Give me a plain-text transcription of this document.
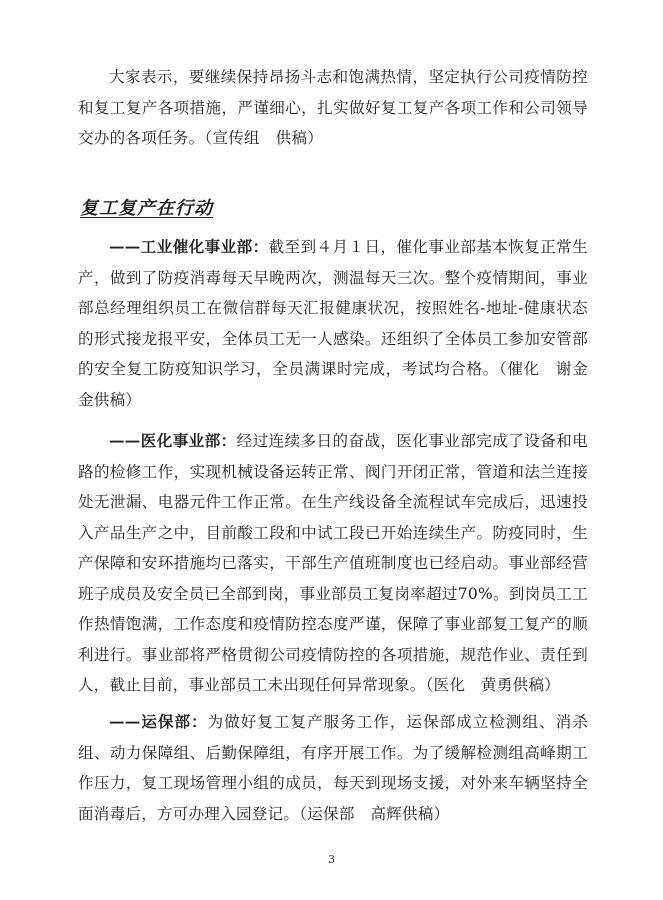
大家表示，要继续保持昂扬斗志和饱满热情，坚定执行公司疫情防控和复工复产各项措施，严谨细心，扎实做好复工复产各项工作和公司领导交办的各项任务。（宣传组　供稿）

复工复产在行动

——工业催化事业部：截至到４月１日，催化事业部基本恢复正常生产，做到了防疫消毒每天早晚两次，测温每天三次。整个疫情期间，事业部总经理组织员工在微信群每天汇报健康状况，按照姓名-地址-健康状态的形式接龙报平安，全体员工无一人感染。还组织了全体员工参加安管部的安全复工防疫知识学习，全员满课时完成，考试均合格。（催化　谢金金供稿）

——医化事业部：经过连续多日的奋战，医化事业部完成了设备和电路的检修工作，实现机械设备运转正常、阀门开闭正常，管道和法兰连接处无泄漏、电器元件工作正常。在生产线设备全流程试车完成后，迅速投入产品生产之中，目前酸工段和中试工段已开始连续生产。防疫同时，生产保障和安环措施均已落实，干部生产值班制度也已经启动。事业部经营班子成员及安全员已全部到岗，事业部员工复岗率超过70%。到岗员工工作热情饱满，工作态度和疫情防控态度严谨，保障了事业部复工复产的顺利进行。事业部将严格贯彻公司疫情防控的各项措施，规范作业、责任到人，截止目前，事业部员工未出现任何异常现象。（医化　黄勇供稿）

——运保部：为做好复工复产服务工作，运保部成立检测组、消杀组、动力保障组、后勤保障组，有序开展工作。为了缓解检测组高峰期工作压力，复工现场管理小组的成员，每天到现场支援，对外来车辆坚持全面消毒后，方可办理入园登记。（运保部　高辉供稿）

3
